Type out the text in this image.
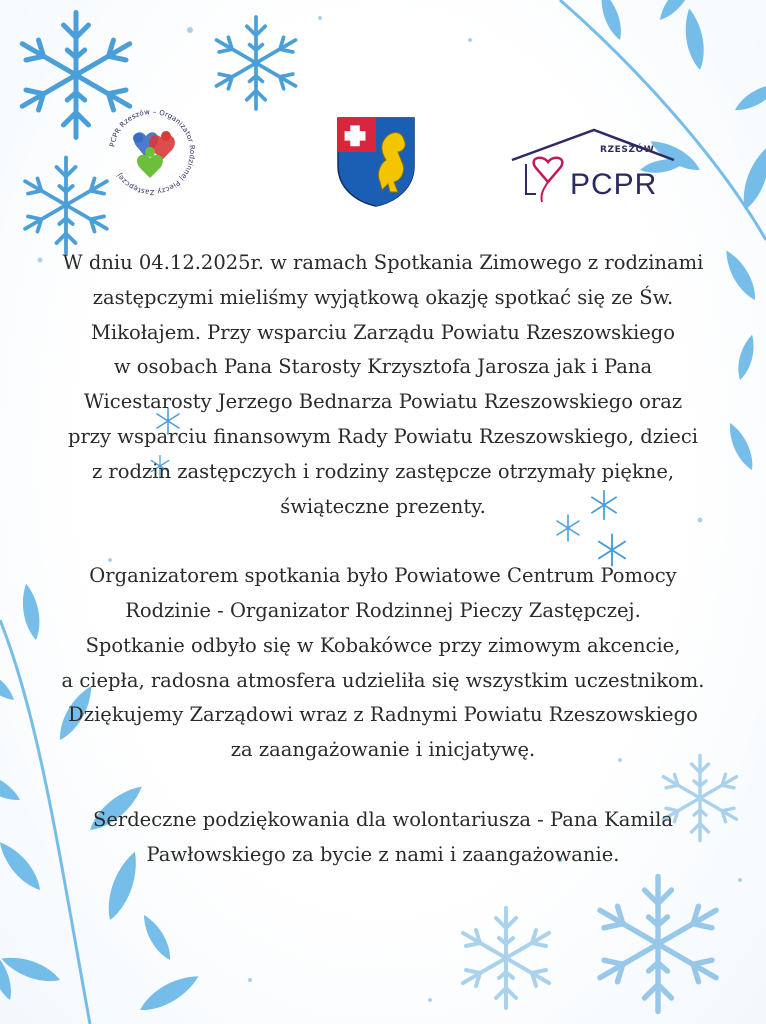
PCPR Rzeszów – Organizator Rodzinnej Pieczy Zastępczej
RZESZÓW
PCPR

W dniu 04.12.2025r. w ramach Spotkania Zimowego z rodzinami

zastępczymi mieliśmy wyjątkową okazję spotkać się ze Św.

Mikołajem. Przy wsparciu Zarządu Powiatu Rzeszowskiego

w osobach Pana Starosty Krzysztofa Jarosza jak i Pana

Wicestarosty Jerzego Bednarza Powiatu Rzeszowskiego oraz

przy wsparciu finansowym Rady Powiatu Rzeszowskiego, dzieci

z rodzin zastępczych i rodziny zastępcze otrzymały piękne,

świąteczne prezenty.

Organizatorem spotkania było Powiatowe Centrum Pomocy

Rodzinie - Organizator Rodzinnej Pieczy Zastępczej.

Spotkanie odbyło się w Kobakówce przy zimowym akcencie,

a ciepła, radosna atmosfera udzieliła się wszystkim uczestnikom.

Dziękujemy Zarządowi wraz z Radnymi Powiatu Rzeszowskiego

za zaangażowanie i inicjatywę.

Serdeczne podziękowania dla wolontariusza - Pana Kamila

Pawłowskiego za bycie z nami i zaangażowanie.
